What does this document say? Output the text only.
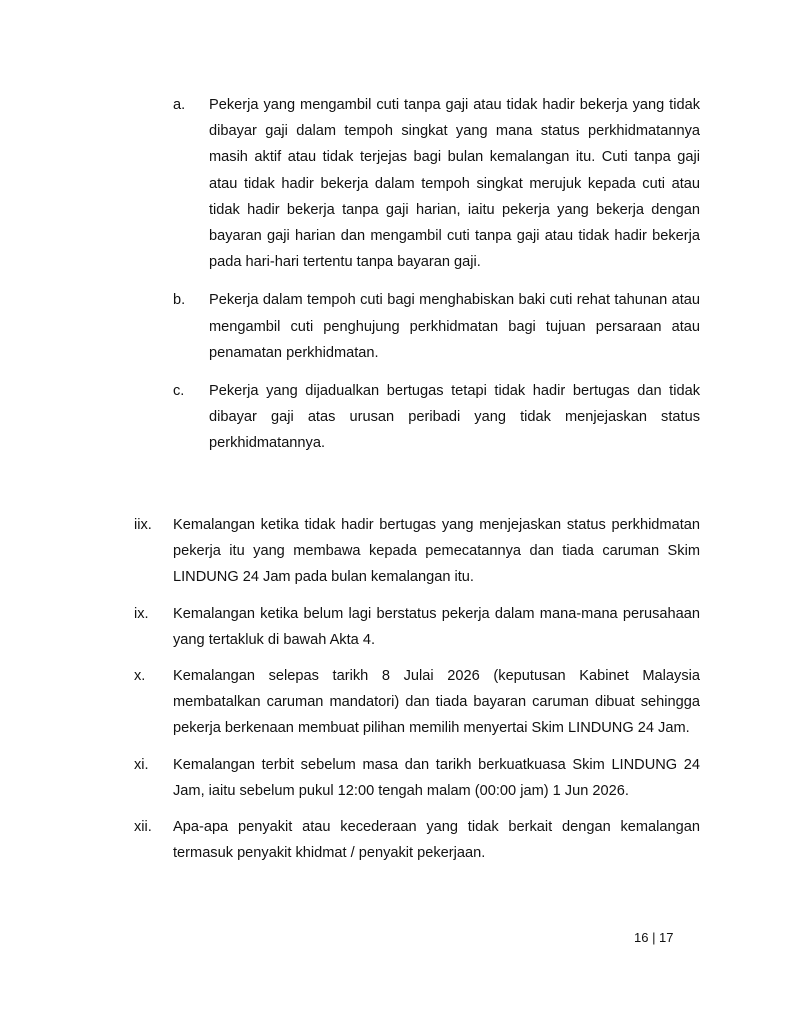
a.	Pekerja yang mengambil cuti tanpa gaji atau tidak hadir bekerja yang tidak dibayar gaji dalam tempoh singkat yang mana status perkhidmatannya masih aktif atau tidak terjejas bagi bulan kemalangan itu. Cuti tanpa gaji atau tidak hadir bekerja dalam tempoh singkat merujuk kepada cuti atau tidak hadir bekerja tanpa gaji harian, iaitu pekerja yang bekerja dengan bayaran gaji harian dan mengambil cuti tanpa gaji atau tidak hadir bekerja pada hari-hari tertentu tanpa bayaran gaji.
b.	Pekerja dalam tempoh cuti bagi menghabiskan baki cuti rehat tahunan atau mengambil cuti penghujung perkhidmatan bagi tujuan persaraan atau penamatan perkhidmatan.
c.	Pekerja yang dijadualkan bertugas tetapi tidak hadir bertugas dan tidak dibayar gaji atas urusan peribadi yang tidak menjejaskan status perkhidmatannya.
iix.	Kemalangan ketika tidak hadir bertugas yang menjejaskan status perkhidmatan pekerja itu yang membawa kepada pemecatannya dan tiada caruman Skim LINDUNG 24 Jam pada bulan kemalangan itu.
ix.	Kemalangan ketika belum lagi berstatus pekerja dalam mana-mana perusahaan yang tertakluk di bawah Akta 4.
x.	Kemalangan selepas tarikh 8 Julai 2026 (keputusan Kabinet Malaysia membatalkan caruman mandatori) dan tiada bayaran caruman dibuat sehingga pekerja berkenaan membuat pilihan memilih menyertai Skim LINDUNG 24 Jam.
xi.	Kemalangan terbit sebelum masa dan tarikh berkuatkuasa Skim LINDUNG 24 Jam, iaitu sebelum pukul 12:00 tengah malam (00:00 jam) 1 Jun 2026.
xii.	Apa-apa penyakit atau kecederaan yang tidak berkait dengan kemalangan termasuk penyakit khidmat / penyakit pekerjaan.
16 | 17
